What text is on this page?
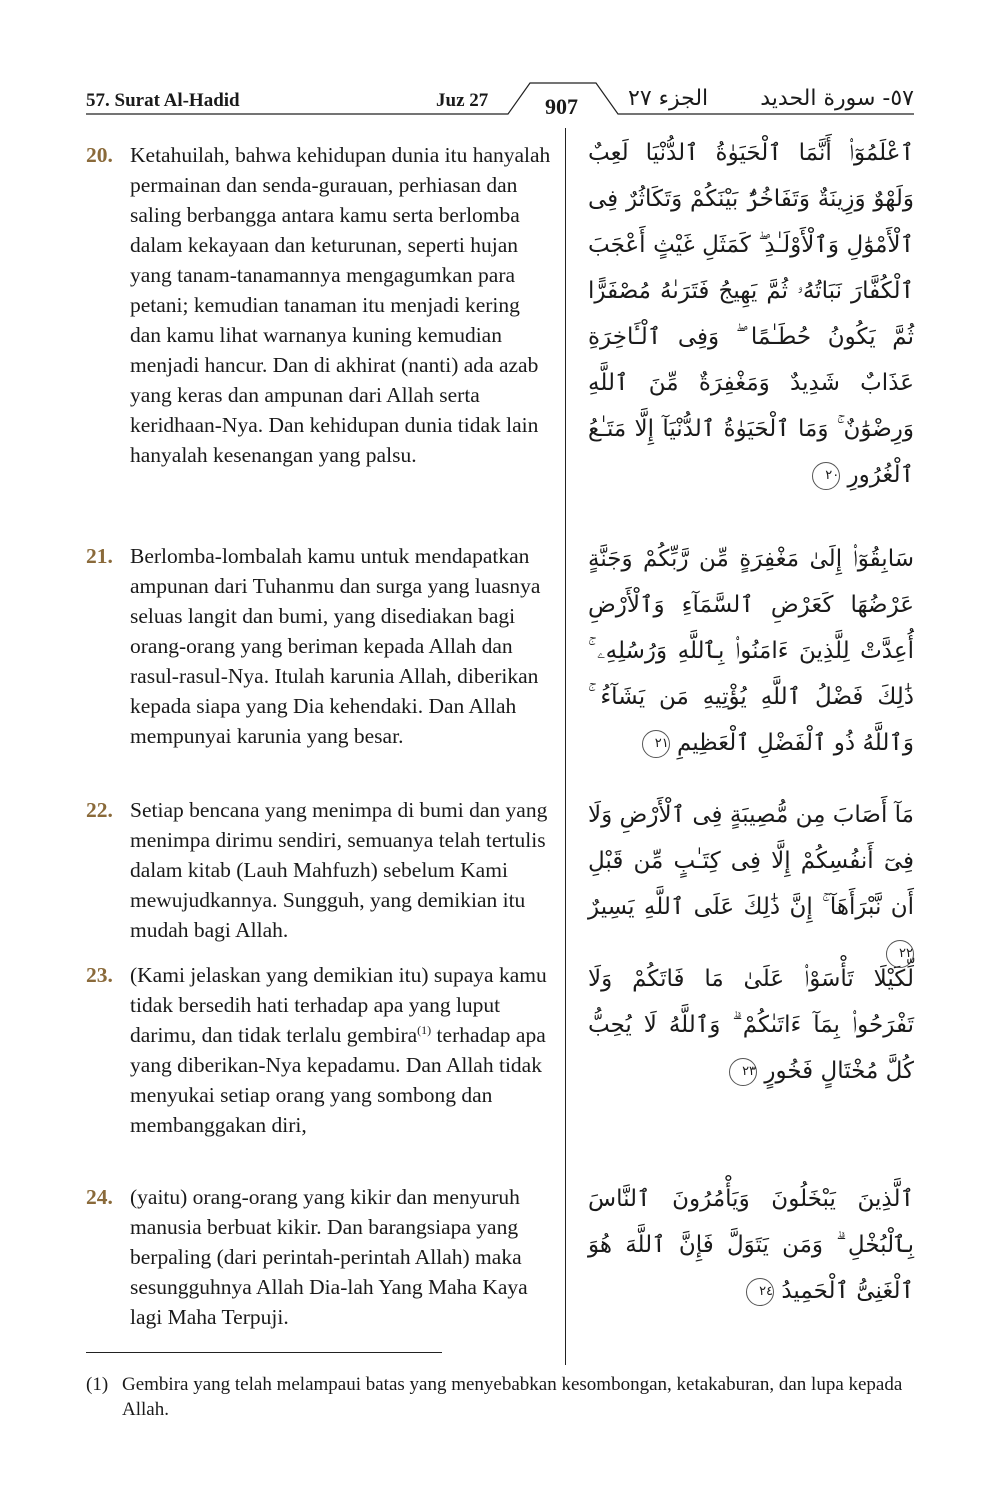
57. Surat Al-Hadid	Juz 27	907 الجزء ٢٧ ٥٧- سورة الحديد
20. Ketahuilah, bahwa kehidupan dunia itu hanyalah permainan dan senda-gurauan, perhiasan dan saling berbangga antara kamu serta berlomba dalam kekayaan dan keturunan, seperti hujan yang tanam-tanamannya mengagumkan para petani; kemudian tanaman itu menjadi kering dan kamu lihat warnanya kuning kemudian menjadi hancur. Dan di akhirat (nanti) ada azab yang keras dan ampunan dari Allah serta keridhaan-Nya. Dan kehidupan dunia tidak lain hanyalah kesenangan yang palsu.
ٱعْلَمُوٓا۟ أَنَّمَا ٱلْحَيَوٰةُ ٱلدُّنْيَا لَعِبٌ وَلَهْوٌ وَزِينَةٌ وَتَفَاخُرٌۢ بَيْنَكُمْ وَتَكَاثُرٌ فِى ٱلْأَمْوَٰلِ وَٱلْأَوْلَـٰدِ ۖ كَمَثَلِ غَيْثٍ أَعْجَبَ ٱلْكُفَّارَ نَبَاتُهُۥ ثُمَّ يَهِيجُ فَتَرَىٰهُ مُصْفَرًّا ثُمَّ يَكُونُ حُطَـٰمًا ۖ وَفِى ٱلْـَٔاخِرَةِ عَذَابٌ شَدِيدٌ وَمَغْفِرَةٌ مِّنَ ٱللَّهِ وَرِضْوَٰنٌ ۚ وَمَا ٱلْحَيَوٰةُ ٱلدُّنْيَآ إِلَّا مَتَـٰعُ ٱلْغُرُورِ ٢٠
21. Berlomba-lombalah kamu untuk mendapatkan ampunan dari Tuhanmu dan surga yang luasnya seluas langit dan bumi, yang disediakan bagi orang-orang yang beriman kepada Allah dan rasul-rasul-Nya. Itulah karunia Allah, diberikan kepada siapa yang Dia kehendaki. Dan Allah mempunyai karunia yang besar.
سَابِقُوٓا۟ إِلَىٰ مَغْفِرَةٍ مِّن رَّبِّكُمْ وَجَنَّةٍ عَرْضُهَا كَعَرْضِ ٱلسَّمَآءِ وَٱلْأَرْضِ أُعِدَّتْ لِلَّذِينَ ءَامَنُوا۟ بِٱللَّهِ وَرُسُلِهِۦ ۚ ذَٰلِكَ فَضْلُ ٱللَّهِ يُؤْتِيهِ مَن يَشَآءُ ۚ وَٱللَّهُ ذُو ٱلْفَضْلِ ٱلْعَظِيمِ ٢١
22. Setiap bencana yang menimpa di bumi dan yang menimpa dirimu sendiri, semuanya telah tertulis dalam kitab (Lauh Mahfuzh) sebelum Kami mewujudkannya. Sungguh, yang demikian itu mudah bagi Allah.
مَآ أَصَابَ مِن مُّصِيبَةٍ فِى ٱلْأَرْضِ وَلَا فِىٓ أَنفُسِكُمْ إِلَّا فِى كِتَـٰبٍ مِّن قَبْلِ أَن نَّبْرَأَهَآ ۚ إِنَّ ذَٰلِكَ عَلَى ٱللَّهِ يَسِيرٌ ٢٢
23. (Kami jelaskan yang demikian itu) supaya kamu tidak bersedih hati terhadap apa yang luput darimu, dan tidak terlalu gembira$^{(1)}$ terhadap apa yang diberikan-Nya kepadamu. Dan Allah tidak menyukai setiap orang yang sombong dan membanggakan diri,
لِّكَيْلَا تَأْسَوْا۟ عَلَىٰ مَا فَاتَكُمْ وَلَا تَفْرَحُوا۟ بِمَآ ءَاتَىٰكُمْ ۗ وَٱللَّهُ لَا يُحِبُّ كُلَّ مُخْتَالٍ فَخُورٍ ٢٣
24. (yaitu) orang-orang yang kikir dan menyuruh manusia berbuat kikir. Dan barangsiapa yang berpaling (dari perintah-perintah Allah) maka sesungguhnya Allah Dia-lah Yang Maha Kaya lagi Maha Terpuji.
ٱلَّذِينَ يَبْخَلُونَ وَيَأْمُرُونَ ٱلنَّاسَ بِٱلْبُخْلِ ۗ وَمَن يَتَوَلَّ فَإِنَّ ٱللَّهَ هُوَ ٱلْغَنِىُّ ٱلْحَمِيدُ ٢٤
(1) Gembira yang telah melampaui batas yang menyebabkan kesombongan, ketakaburan, dan lupa kepada Allah.
